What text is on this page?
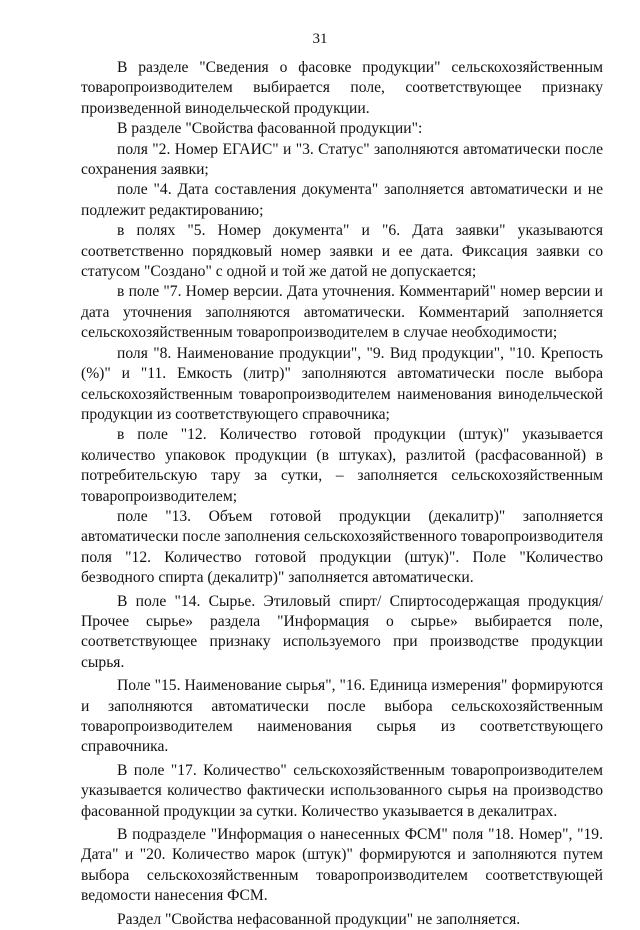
31

В разделе "Сведения о фасовке продукции" сельскохозяйственным товаропроизводителем выбирается поле, соответствующее признаку произведенной винодельческой продукции.

В разделе "Свойства фасованной продукции":

поля "2. Номер ЕГАИС" и "3. Статус" заполняются автоматически после сохранения заявки;

поле "4. Дата составления документа" заполняется автоматически и не подлежит редактированию;

в полях "5. Номер документа" и "6. Дата заявки" указываются соответственно порядковый номер заявки и ее дата. Фиксация заявки со статусом "Создано" с одной и той же датой не допускается;

в поле "7. Номер версии. Дата уточнения. Комментарий" номер версии и дата уточнения заполняются автоматически. Комментарий заполняется сельскохозяйственным товаропроизводителем в случае необходимости;

поля "8. Наименование продукции", "9. Вид продукции", "10. Крепость (%)" и "11. Емкость (литр)" заполняются автоматически после выбора сельскохозяйственным товаропроизводителем наименования винодельческой продукции из соответствующего справочника;

в поле "12. Количество готовой продукции (штук)" указывается количество упаковок продукции (в штуках), разлитой (расфасованной) в потребительскую тару за сутки, – заполняется сельскохозяйственным товаропроизводителем;

поле "13. Объем готовой продукции (декалитр)" заполняется автоматически после заполнения сельскохозяйственного товаропроизводителя поля "12. Количество готовой продукции (штук)". Поле "Количество безводного спирта (декалитр)" заполняется автоматически.

В поле "14. Сырье. Этиловый спирт/ Спиртосодержащая продукция/ Прочее сырье» раздела "Информация о сырье» выбирается поле, соответствующее признаку используемого при производстве продукции сырья.

Поле "15. Наименование сырья", "16. Единица измерения" формируются и заполняются автоматически после выбора сельскохозяйственным товаропроизводителем наименования сырья из соответствующего справочника.

В поле "17. Количество" сельскохозяйственным товаропроизводителем указывается количество фактически использованного сырья на производство фасованной продукции за сутки. Количество указывается в декалитрах.

В подразделе "Информация о нанесенных ФСМ" поля "18. Номер", "19. Дата" и "20. Количество марок (штук)" формируются и заполняются путем выбора сельскохозяйственным товаропроизводителем соответствующей ведомости нанесения ФСМ.

Раздел "Свойства нефасованной продукции" не заполняется.
